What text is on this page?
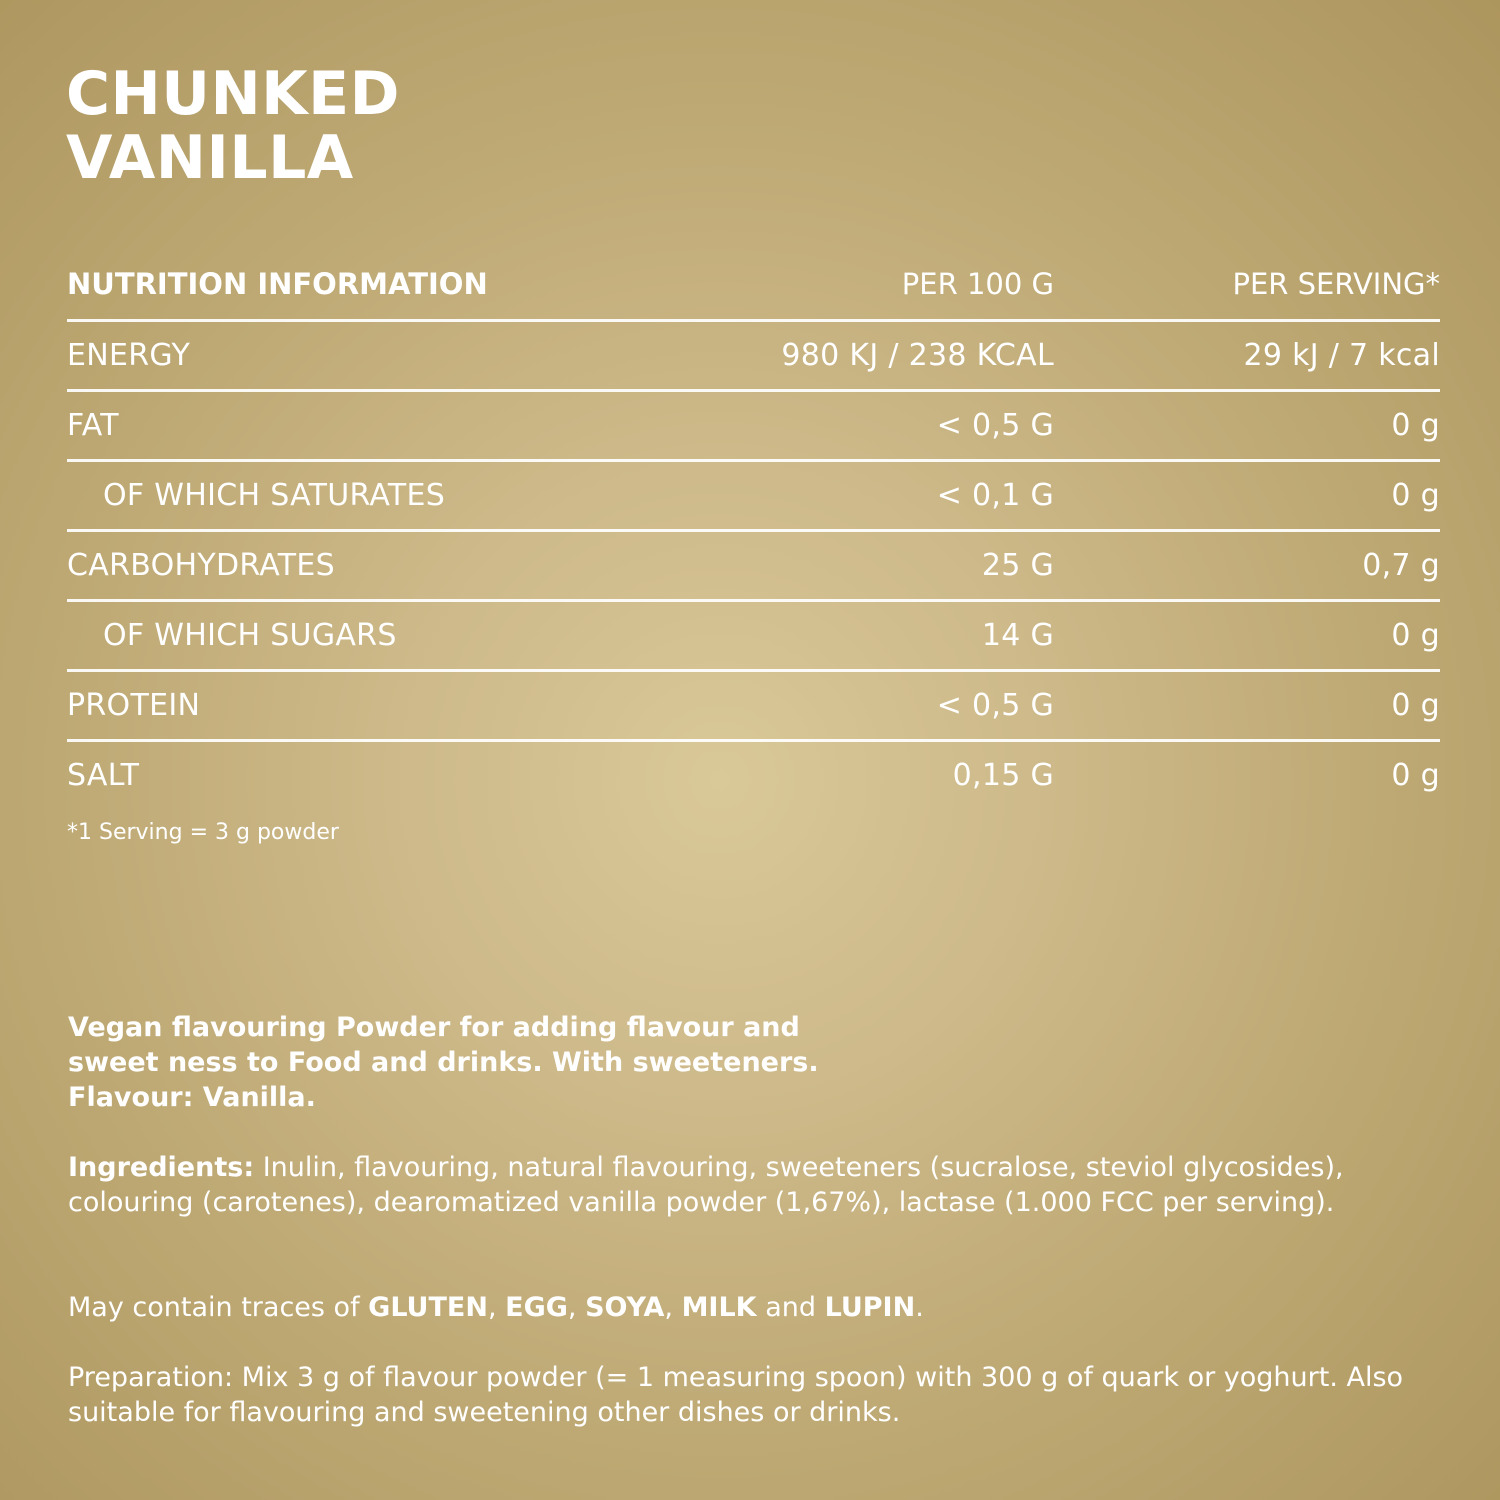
CHUNKED
VANILLA
NUTRITION INFORMATION	PER 100 G	PER SERVING*
ENERGY	980 KJ / 238 KCAL	29 kJ / 7 kcal
FAT	< 0,5 G	0 g
OF WHICH SATURATES	< 0,1 G	0 g
CARBOHYDRATES	25 G	0,7 g
OF WHICH SUGARS	14 G	0 g
PROTEIN	< 0,5 G	0 g
SALT	0,15 G	0 g

*1 Serving = 3 g powder

Vegan flavouring Powder for adding flavour and
sweet ness to Food and drinks. With sweeteners.
Flavour: Vanilla.

Ingredients: Inulin, flavouring, natural flavouring, sweeteners (sucralose, steviol glycosides), colouring (carotenes), dearomatized vanilla powder (1,67%), lactase (1.000 FCC per serving).

May contain traces of GLUTEN, EGG, SOYA, MILK and LUPIN.

Preparation: Mix 3 g of flavour powder (= 1 measuring spoon) with 300 g of quark or yoghurt. Also suitable for flavouring and sweetening other dishes or drinks.
